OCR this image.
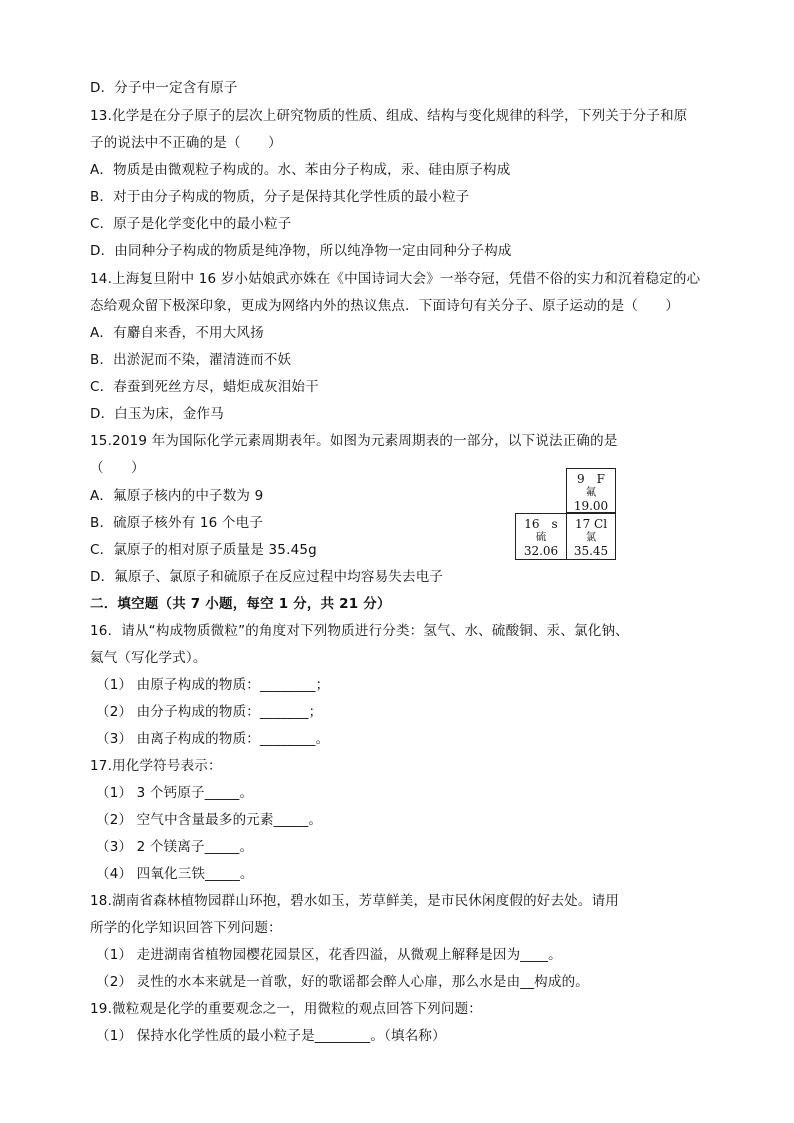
D．分子中一定含有原子
13.化学是在分子原子的层次上研究物质的性质、组成、结构与变化规律的科学，下列关于分子和原
子的说法中不正确的是（　　）
A．物质是由微观粒子构成的。水、苯由分子构成，汞、硅由原子构成
B．对于由分子构成的物质，分子是保持其化学性质的最小粒子
C．原子是化学变化中的最小粒子
D．由同种分子构成的物质是纯净物，所以纯净物一定由同种分子构成
14.上海复旦附中 16 岁小姑娘武亦姝在《中国诗词大会》一举夺冠，凭借不俗的实力和沉着稳定的心
态给观众留下极深印象，更成为网络内外的热议焦点．下面诗句有关分子、原子运动的是（　　）
A．有麝自来香，不用大风扬
B．出淤泥而不染，濯清涟而不妖
C．春蚕到死丝方尽，蜡炬成灰泪始干
D．白玉为床，金作马
15.2019 年为国际化学元素周期表年。如图为元素周期表的一部分，以下说法正确的是
（　　）
A．氟原子核内的中子数为 9
B．硫原子核外有 16 个电子
C．氯原子的相对原子质量是 35.45g
D．氟原子、氯原子和硫原子在反应过程中均容易失去电子
9　F
氟
19.00
16　s
硫
32.06
17 Cl
氯
35.45
二．填空题（共 7 小题，每空 1 分，共 21 分）
16．请从“构成物质微粒”的角度对下列物质进行分类：氢气、水、硫酸铜、汞、氯化钠、
氦气（写化学式）。
（1） 由原子构成的物质：________；
（2） 由分子构成的物质：_______；
（3） 由离子构成的物质：________。
17.用化学符号表示：
（1） 3 个钙原子_____。
（2） 空气中含量最多的元素_____。
（3） 2 个镁离子_____。
（4） 四氧化三铁_____。
18.湖南省森林植物园群山环抱，碧水如玉，芳草鲜美，是市民休闲度假的好去处。请用
所学的化学知识回答下列问题：
（1） 走进湖南省植物园樱花园景区，花香四溢，从微观上解释是因为____。
（2） 灵性的水本来就是一首歌，好的歌谣都会醉人心扉，那么水是由__构成的。
19.微粒观是化学的重要观念之一，用微粒的观点回答下列问题：
（1） 保持水化学性质的最小粒子是________。（填名称）
